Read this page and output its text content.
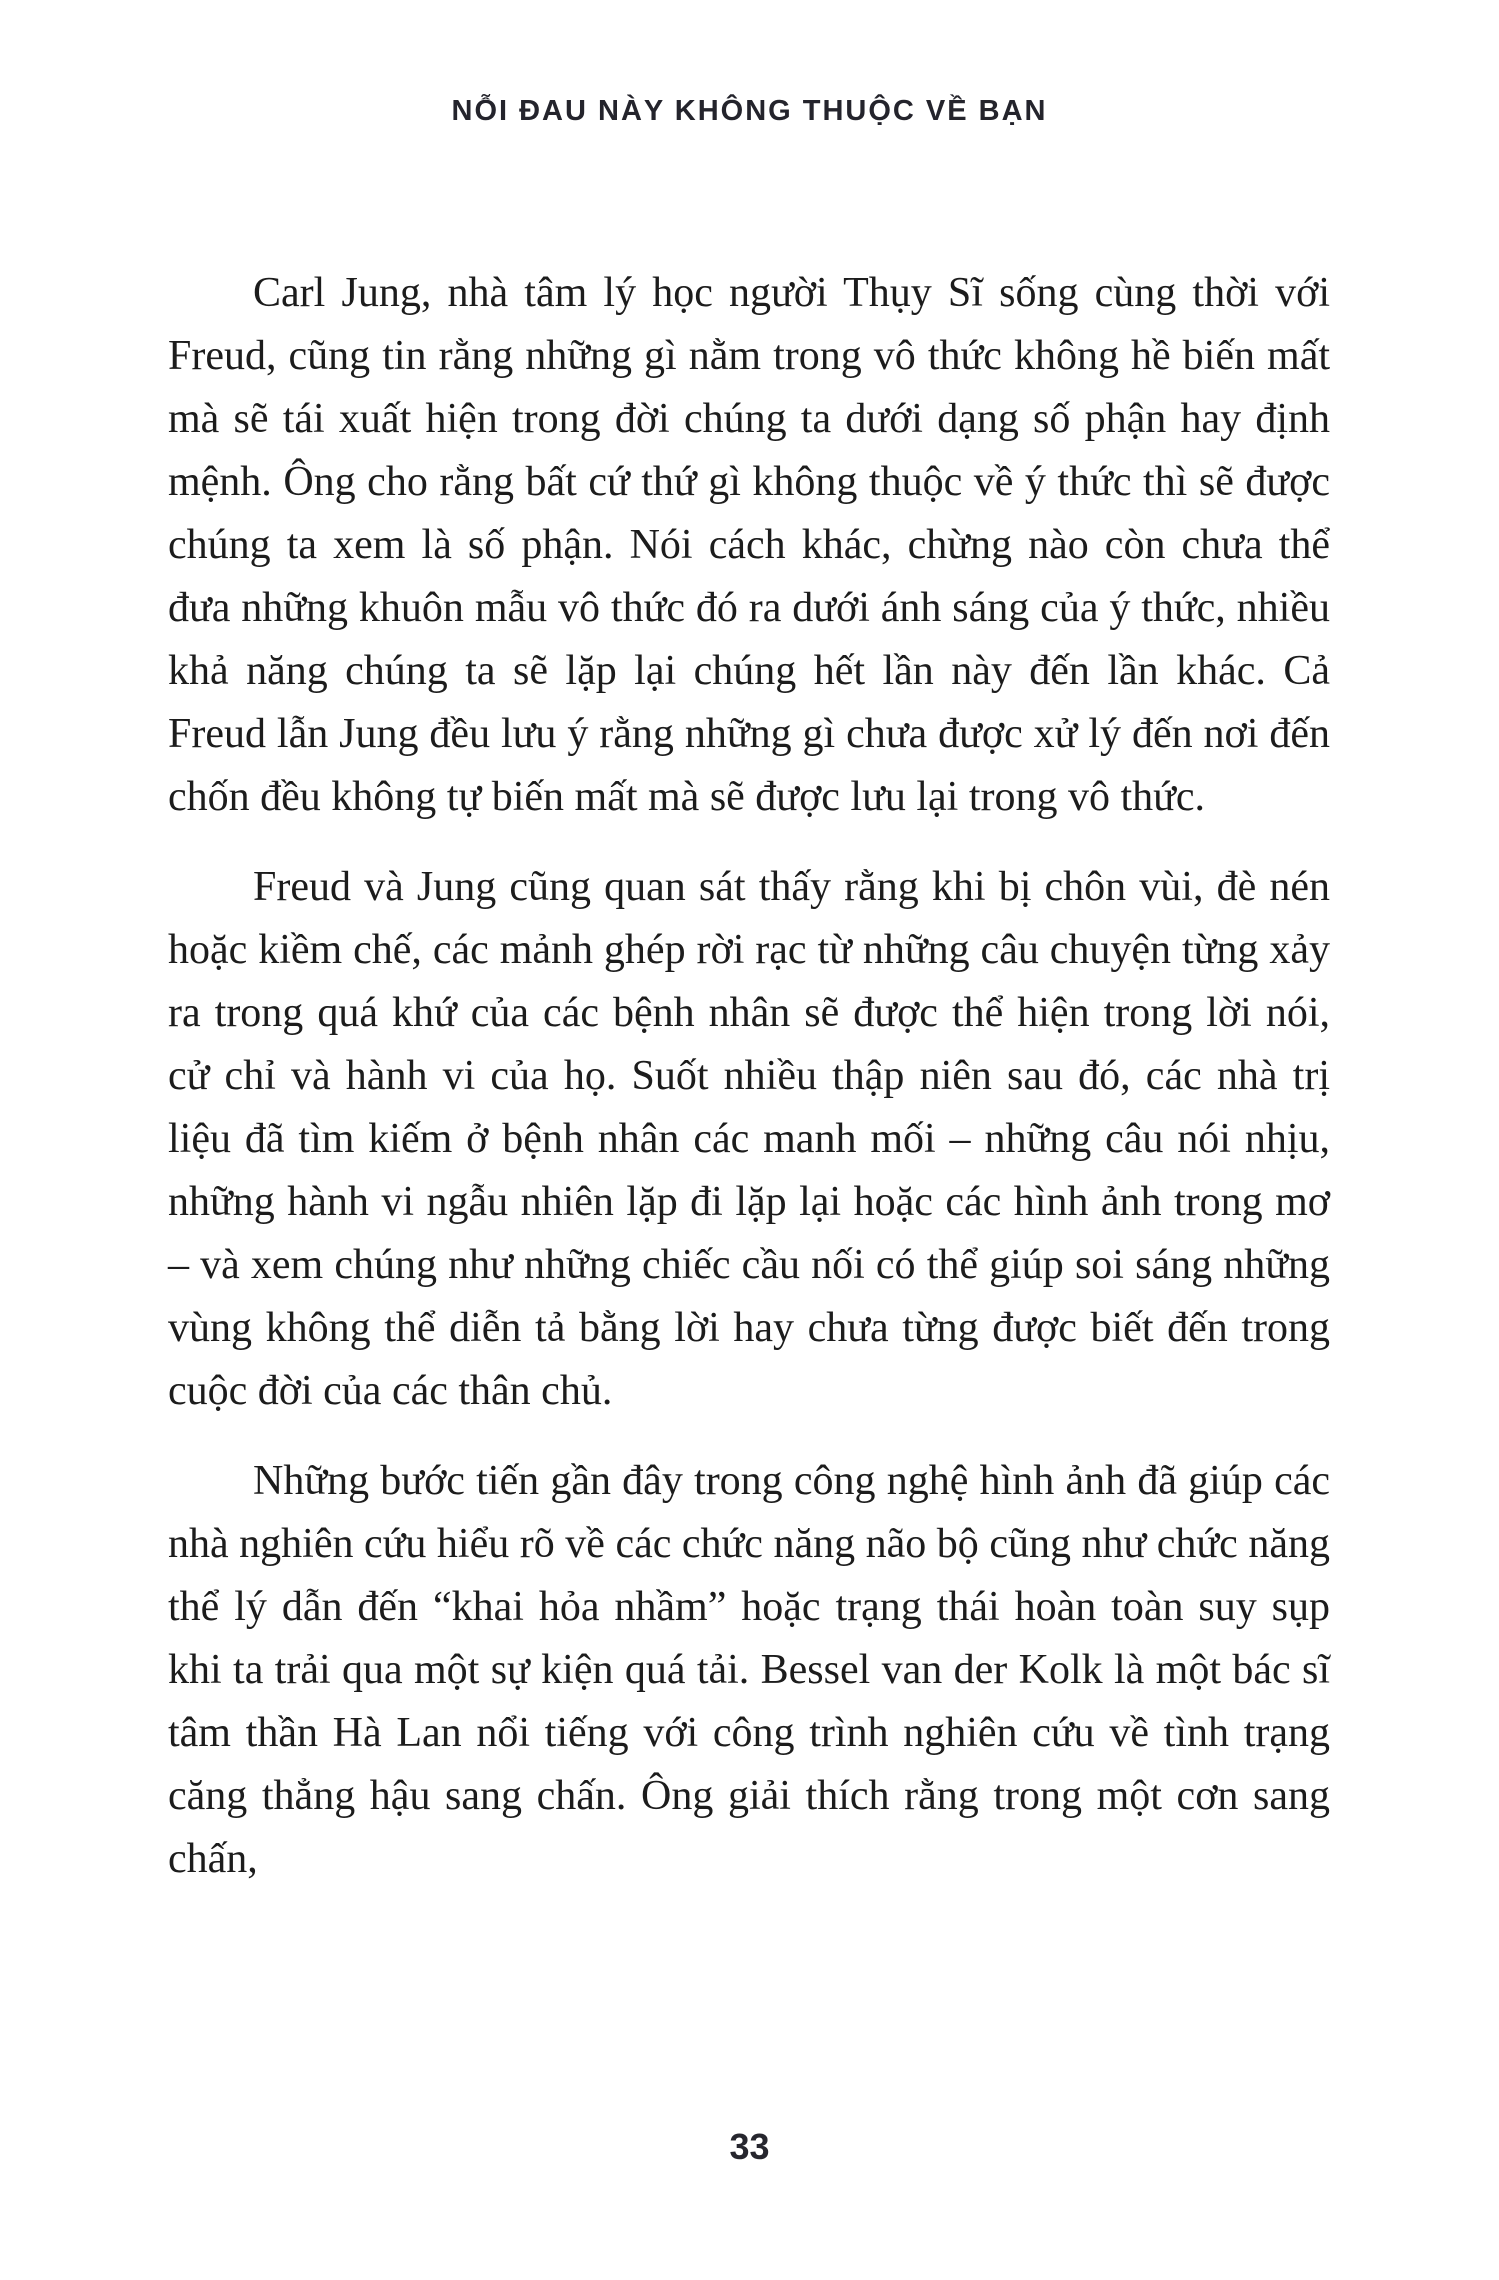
NỖI ĐAU NÀY KHÔNG THUỘC VỀ BẠN

Carl Jung, nhà tâm lý học người Thụy Sĩ sống cùng thời với Freud, cũng tin rằng những gì nằm trong vô thức không hề biến mất mà sẽ tái xuất hiện trong đời chúng ta dưới dạng số phận hay định mệnh. Ông cho rằng bất cứ thứ gì không thuộc về ý thức thì sẽ được chúng ta xem là số phận. Nói cách khác, chừng nào còn chưa thể đưa những khuôn mẫu vô thức đó ra dưới ánh sáng của ý thức, nhiều khả năng chúng ta sẽ lặp lại chúng hết lần này đến lần khác. Cả Freud lẫn Jung đều lưu ý rằng những gì chưa được xử lý đến nơi đến chốn đều không tự biến mất mà sẽ được lưu lại trong vô thức.

Freud và Jung cũng quan sát thấy rằng khi bị chôn vùi, đè nén hoặc kiềm chế, các mảnh ghép rời rạc từ những câu chuyện từng xảy ra trong quá khứ của các bệnh nhân sẽ được thể hiện trong lời nói, cử chỉ và hành vi của họ. Suốt nhiều thập niên sau đó, các nhà trị liệu đã tìm kiếm ở bệnh nhân các manh mối – những câu nói nhịu, những hành vi ngẫu nhiên lặp đi lặp lại hoặc các hình ảnh trong mơ – và xem chúng như những chiếc cầu nối có thể giúp soi sáng những vùng không thể diễn tả bằng lời hay chưa từng được biết đến trong cuộc đời của các thân chủ.

Những bước tiến gần đây trong công nghệ hình ảnh đã giúp các nhà nghiên cứu hiểu rõ về các chức năng não bộ cũng như chức năng thể lý dẫn đến “khai hỏa nhầm” hoặc trạng thái hoàn toàn suy sụp khi ta trải qua một sự kiện quá tải. Bessel van der Kolk là một bác sĩ tâm thần Hà Lan nổi tiếng với công trình nghiên cứu về tình trạng căng thẳng hậu sang chấn. Ông giải thích rằng trong một cơn sang chấn,

33
